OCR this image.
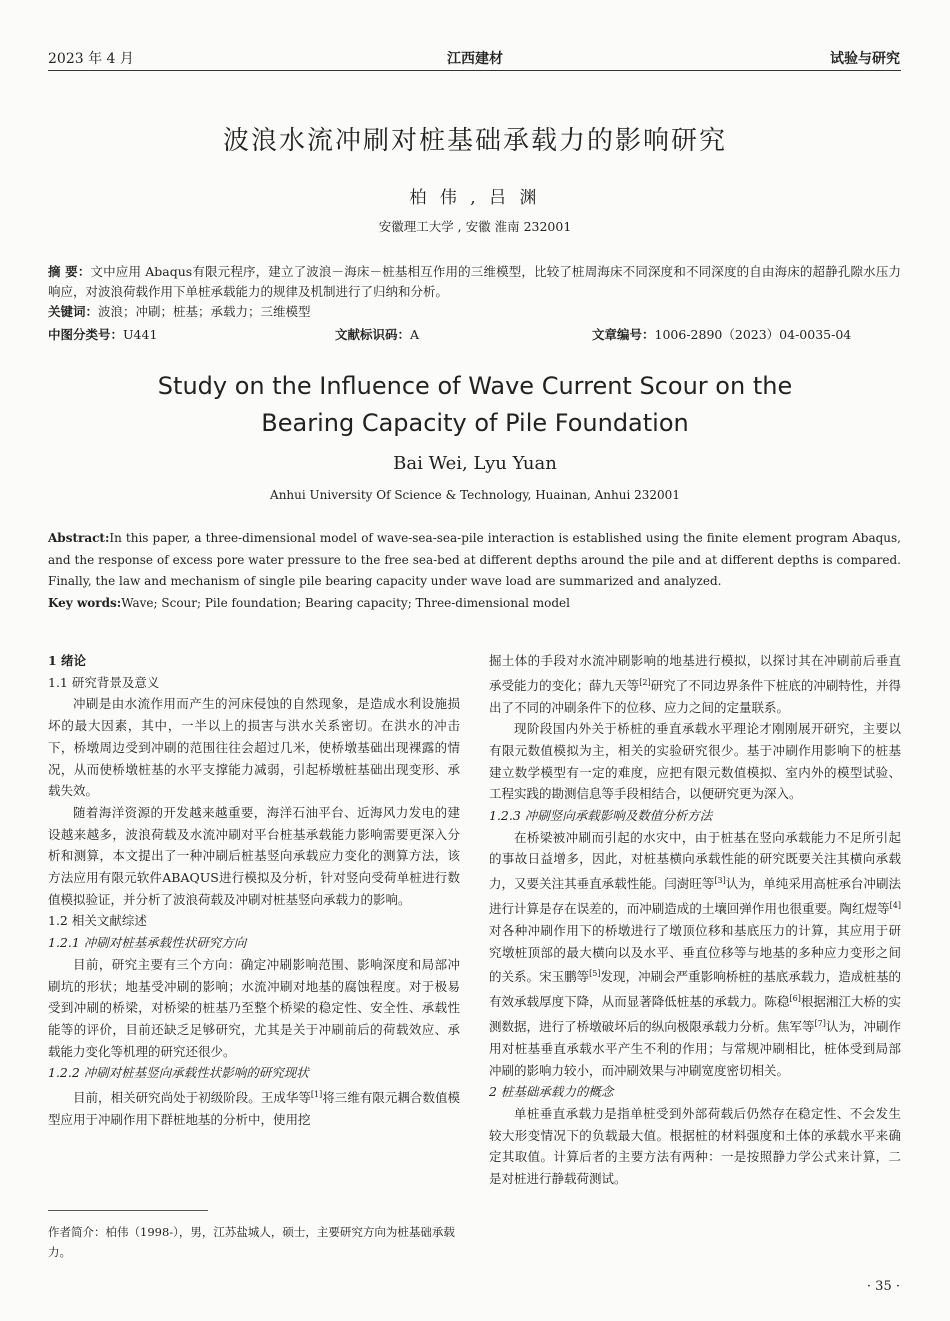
2023 年 4 月	江西建材	试验与研究
波浪水流冲刷对桩基础承载力的影响研究
柏 伟 , 吕 渊
安徽理工大学 , 安徽 淮南 232001

摘 要：文中应用 Abaqus有限元程序，建立了波浪－海床－桩基相互作用的三维模型，比较了桩周海床不同深度和不同深度的自由海床的超静孔隙水压力响应，对波浪荷载作用下单桩承载能力的规律及机制进行了归纳和分析。

关键词：波浪；冲刷；桩基；承载力；三维模型

中图分类号：U441	文献标识码：A	文章编号：1006-2890（2023）04-0035-04
Study on the Influence of Wave Current Scour on the Bearing Capacity of Pile Foundation
Bai Wei, Lyu Yuan
Anhui University Of Science & Technology, Huainan, Anhui 232001

Abstract:In this paper, a three-dimensional model of wave-sea-sea-pile interaction is established using the finite element program Abaqus, and the response of excess pore water pressure to the free sea-bed at different depths around the pile and at different depths is compared. Finally, the law and mechanism of single pile bearing capacity under wave load are summarized and analyzed.

Key words:Wave; Scour; Pile foundation; Bearing capacity; Three-dimensional model

1 绪论

1.1 研究背景及意义

冲刷是由水流作用而产生的河床侵蚀的自然现象，是造成水利设施损坏的最大因素，其中，一半以上的损害与洪水关系密切。在洪水的冲击下，桥墩周边受到冲刷的范围往往会超过几米，使桥墩基础出现裸露的情况，从而使桥墩桩基的水平支撑能力减弱，引起桥墩桩基础出现变形、承载失效。

随着海洋资源的开发越来越重要，海洋石油平台、近海风力发电的建设越来越多，波浪荷载及水流冲刷对平台桩基承载能力影响需要更深入分析和测算，本文提出了一种冲刷后桩基竖向承载应力变化的测算方法，该方法应用有限元软件ABAQUS进行模拟及分析，针对竖向受荷单桩进行数值模拟验证，并分析了波浪荷载及冲刷对桩基竖向承载力的影响。

1.2 相关文献综述

1.2.1 冲刷对桩基承载性状研究方向

目前，研究主要有三个方向：确定冲刷影响范围、影响深度和局部冲刷坑的形状；地基受冲刷的影响；水流冲刷对地基的腐蚀程度。对于极易受到冲刷的桥梁，对桥梁的桩基乃至整个桥梁的稳定性、安全性、承载性能等的评价，目前还缺乏足够研究，尤其是关于冲刷前后的荷载效应、承载能力变化等机理的研究还很少。

1.2.2 冲刷对桩基竖向承载性状影响的研究现状

目前，相关研究尚处于初级阶段。王成华等[1]将三维有限元耦合数值模型应用于冲刷作用下群桩地基的分析中，使用挖

作者简介：柏伟（1998-），男，江苏盐城人，硕士，主要研究方向为桩基础承载力。

掘土体的手段对水流冲刷影响的地基进行模拟，以探讨其在冲刷前后垂直承受能力的变化；薛九天等[2]研究了不同边界条件下桩底的冲刷特性，并得出了不同的冲刷条件下的位移、应力之间的定量联系。

现阶段国内外关于桥桩的垂直承载水平理论才刚刚展开研究，主要以有限元数值模拟为主，相关的实验研究很少。基于冲刷作用影响下的桩基建立数学模型有一定的难度，应把有限元数值模拟、室内外的模型试验、工程实践的勘测信息等手段相结合，以便研究更为深入。

1.2.3 冲刷竖向承载影响及数值分析方法

在桥梁被冲刷而引起的水灾中，由于桩基在竖向承载能力不足所引起的事故日益增多，因此，对桩基横向承载性能的研究既要关注其横向承载力，又要关注其垂直承载性能。闫澍旺等[3]认为，单纯采用高桩承台冲刷法进行计算是存在误差的，而冲刷造成的土壤回弹作用也很重要。陶红煜等[4]对各种冲刷作用下的桥墩进行了墩顶位移和基底压力的计算，其应用于研究墩桩顶部的最大横向以及水平、垂直位移等与地基的多种应力变形之间的关系。宋玉鹏等[5]发现，冲刷会严重影响桥桩的基底承载力，造成桩基的有效承载厚度下降，从而显著降低桩基的承载力。陈稳[6]根据湘江大桥的实测数据，进行了桥墩破坏后的纵向极限承载力分析。焦军等[7]认为，冲刷作用对桩基垂直承载水平产生不利的作用；与常规冲刷相比，桩体受到局部冲刷的影响力较小，而冲刷效果与冲刷宽度密切相关。

2 桩基础承载力的概念

单桩垂直承载力是指单桩受到外部荷载后仍然存在稳定性、不会发生较大形变情况下的负载最大值。根据桩的材料强度和土体的承载水平来确定其取值。计算后者的主要方法有两种：一是按照静力学公式来计算，二是对桩进行静载荷测试。

· 35 ·
